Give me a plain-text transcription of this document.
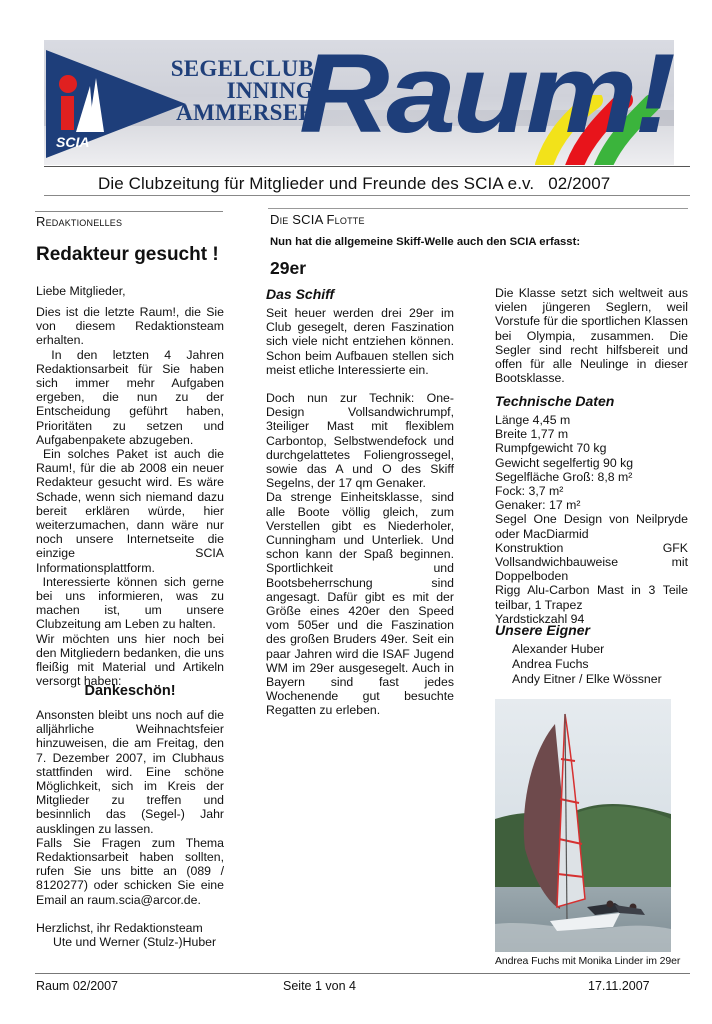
SCIA
SEGELCLUB
INNING
AMMERSEE
Raum!
Die Clubzeitung für Mitglieder und Freunde des SCIA e.v. 02/2007
Redaktionelles
Redakteur gesucht !
Liebe Mitglieder,

Dies ist die letzte Raum!, die Sie von diesem Redaktionsteam erhalten.

In den letzten 4 Jahren Redaktionsarbeit für Sie haben sich immer mehr Aufgaben ergeben, die nun zu der Entscheidung geführt haben, Prioritäten zu setzen und Aufgabenpakete abzugeben.

Ein solches Paket ist auch die Raum!, für die ab 2008 ein neuer Redakteur gesucht wird. Es wäre Schade, wenn sich niemand dazu bereit erklären würde, hier weiterzumachen, dann wäre nur noch unsere Internetseite die einzige SCIA Informationsplattform.

Interessierte können sich gerne bei uns informieren, was zu machen ist, um unsere Clubzeitung am Leben zu halten.

Wir möchten uns hier noch bei den Mitgliedern bedanken, die uns fleißig mit Material und Artikeln versorgt haben:

Dankeschön!

Ansonsten bleibt uns noch auf die alljährliche Weihnachtsfeier hinzuweisen, die am Freitag, den 7. Dezember 2007, im Clubhaus stattfinden wird. Eine schöne Möglichkeit, sich im Kreis der Mitglieder zu treffen und besinnlich das (Segel-) Jahr ausklingen zu lassen.

Falls Sie Fragen zum Thema Redaktionsarbeit haben sollten, rufen Sie uns bitte an (089 / 8120277) oder schicken Sie eine Email an raum.scia@arcor.de.

Herzlichst, ihr Redaktionsteam
Ute und Werner (Stulz-)Huber
Die SCIA Flotte
Nun hat die allgemeine Skiff-Welle auch den SCIA erfasst:
29er
Das Schiff

Seit heuer werden drei 29er im Club gesegelt, deren Faszination sich viele nicht entziehen können. Schon beim Aufbauen stellen sich meist etliche Interessierte ein.

Doch nun zur Technik: One-Design Vollsandwichrumpf, 3teiliger Mast mit flexiblem Carbontop, Selbstwendefock und durchgelattetes Foliengrossegel, sowie das A und O des Skiff Segelns, der 17 qm Genaker.

Da strenge Einheitsklasse, sind alle Boote völlig gleich, zum Verstellen gibt es Niederholer, Cunningham und Unterliek. Und schon kann der Spaß beginnen. Sportlichkeit und Bootsbeherrschung sind angesagt. Dafür gibt es mit der Größe eines 420er den Speed vom 505er und die Faszination des großen Bruders 49er. Seit ein paar Jahren wird die ISAF Jugend WM im 29er ausgesegelt. Auch in Bayern sind fast jedes Wochenende gut besuchte Regatten zu erleben.

Die Klasse setzt sich weltweit aus vielen jüngeren Seglern, weil Vorstufe für die sportlichen Klassen bei Olympia, zusammen. Die Segler sind recht hilfsbereit und offen für alle Neulinge in dieser Bootsklasse.
Technische Daten
Länge 4,45 m
Breite 1,77 m
Rumpfgewicht 70 kg
Gewicht segelfertig 90 kg
Segelfläche Groß: 8,8 m²
Fock: 3,7 m²
Genaker: 17 m²
Segel One Design von Neilpryde oder MacDiarmid
Konstruktion GFK Vollsandwichbauweise mit Doppelboden
Rigg Alu-Carbon Mast in 3 Teile teilbar, 1 Trapez
Yardstickzahl 94
Unsere Eigner
Alexander Huber
Andrea Fuchs
Andy Eitner / Elke Wössner
Andrea Fuchs mit Monika Linder im 29er
Raum 02/2007	Seite 1 von 4	17.11.2007
